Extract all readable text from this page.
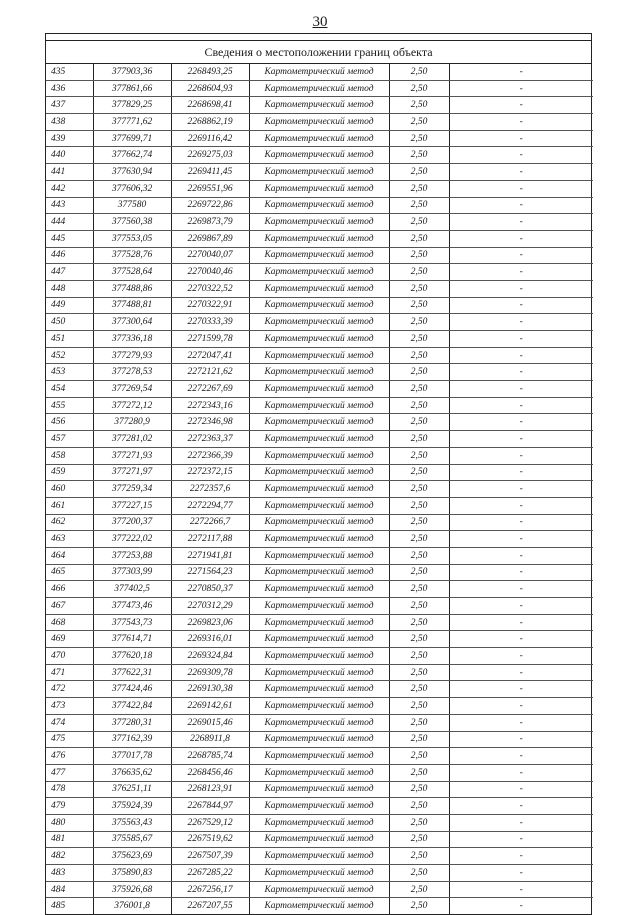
30
Сведения о местоположении границ объекта
435	377903,36	2268493,25	Картометрический метод	2,50	-
436	377861,66	2268604,93	Картометрический метод	2,50	-
437	377829,25	2268698,41	Картометрический метод	2,50	-
438	377771,62	2268862,19	Картометрический метод	2,50	-
439	377699,71	2269116,42	Картометрический метод	2,50	-
440	377662,74	2269275,03	Картометрический метод	2,50	-
441	377630,94	2269411,45	Картометрический метод	2,50	-
442	377606,32	2269551,96	Картометрический метод	2,50	-
443	377580	2269722,86	Картометрический метод	2,50	-
444	377560,38	2269873,79	Картометрический метод	2,50	-
445	377553,05	2269867,89	Картометрический метод	2,50	-
446	377528,76	2270040,07	Картометрический метод	2,50	-
447	377528,64	2270040,46	Картометрический метод	2,50	-
448	377488,86	2270322,52	Картометрический метод	2,50	-
449	377488,81	2270322,91	Картометрический метод	2,50	-
450	377300,64	2270333,39	Картометрический метод	2,50	-
451	377336,18	2271599,78	Картометрический метод	2,50	-
452	377279,93	2272047,41	Картометрический метод	2,50	-
453	377278,53	2272121,62	Картометрический метод	2,50	-
454	377269,54	2272267,69	Картометрический метод	2,50	-
455	377272,12	2272343,16	Картометрический метод	2,50	-
456	377280,9	2272346,98	Картометрический метод	2,50	-
457	377281,02	2272363,37	Картометрический метод	2,50	-
458	377271,93	2272366,39	Картометрический метод	2,50	-
459	377271,97	2272372,15	Картометрический метод	2,50	-
460	377259,34	2272357,6	Картометрический метод	2,50	-
461	377227,15	2272294,77	Картометрический метод	2,50	-
462	377200,37	2272266,7	Картометрический метод	2,50	-
463	377222,02	2272117,88	Картометрический метод	2,50	-
464	377253,88	2271941,81	Картометрический метод	2,50	-
465	377303,99	2271564,23	Картометрический метод	2,50	-
466	377402,5	2270850,37	Картометрический метод	2,50	-
467	377473,46	2270312,29	Картометрический метод	2,50	-
468	377543,73	2269823,06	Картометрический метод	2,50	-
469	377614,71	2269316,01	Картометрический метод	2,50	-
470	377620,18	2269324,84	Картометрический метод	2,50	-
471	377622,31	2269309,78	Картометрический метод	2,50	-
472	377424,46	2269130,38	Картометрический метод	2,50	-
473	377422,84	2269142,61	Картометрический метод	2,50	-
474	377280,31	2269015,46	Картометрический метод	2,50	-
475	377162,39	2268911,8	Картометрический метод	2,50	-
476	377017,78	2268785,74	Картометрический метод	2,50	-
477	376635,62	2268456,46	Картометрический метод	2,50	-
478	376251,11	2268123,91	Картометрический метод	2,50	-
479	375924,39	2267844,97	Картометрический метод	2,50	-
480	375563,43	2267529,12	Картометрический метод	2,50	-
481	375585,67	2267519,62	Картометрический метод	2,50	-
482	375623,69	2267507,39	Картометрический метод	2,50	-
483	375890,83	2267285,22	Картометрический метод	2,50	-
484	375926,68	2267256,17	Картометрический метод	2,50	-
485	376001,8	2267207,55	Картометрический метод	2,50	-
